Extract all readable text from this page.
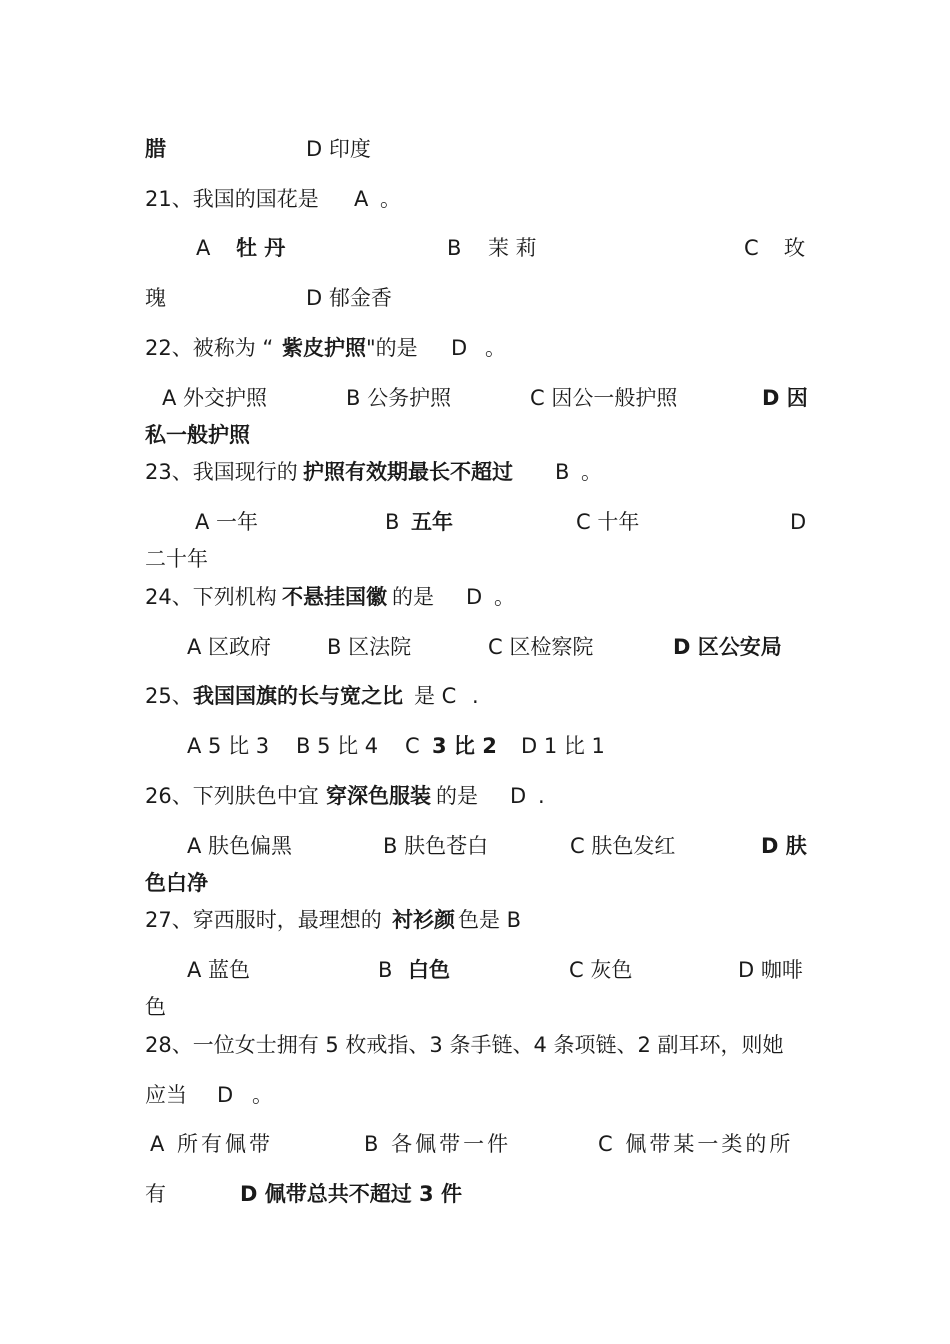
腊	D 印度
21、我国的国花是 A 。
A 牡 丹	B 茉 莉	C 玫
瑰	D 郁金香
22、被称为 “ 紫皮护照 "的是 D 。
A 外交护照	B 公务护照	C 因公一般护照	D 因
私一般护照
23、我国现行的 护照有效期最长不超过 B 。
A 一年	B 五年	C 十年	D
二十年
24、下列机构 不悬挂国徽 的是 D 。
A 区政府	B 区法院	C 区检察院	D 区公安局
25、 我国国旗的长与宽之比 是 C .
A 5 比 3 B 5 比 4 C 3 比 2 D 1 比 1
26、下列肤色中宜 穿深色服装 的是 D .
A 肤色偏黑	B 肤色苍白	C 肤色发红	D 肤
色白净
27、穿西服时，最理想的 衬衫颜 色是 B
A 蓝色	B 白色	C 灰色	D 咖啡
色
28、一位女士拥有 5 枚戒指、3 条手链、4 条项链、2 副耳环，则她
应当 D 。
A 所有佩带	B 各佩带一件	C 佩带某一类的所
有	D 佩带总共不超过 3 件
